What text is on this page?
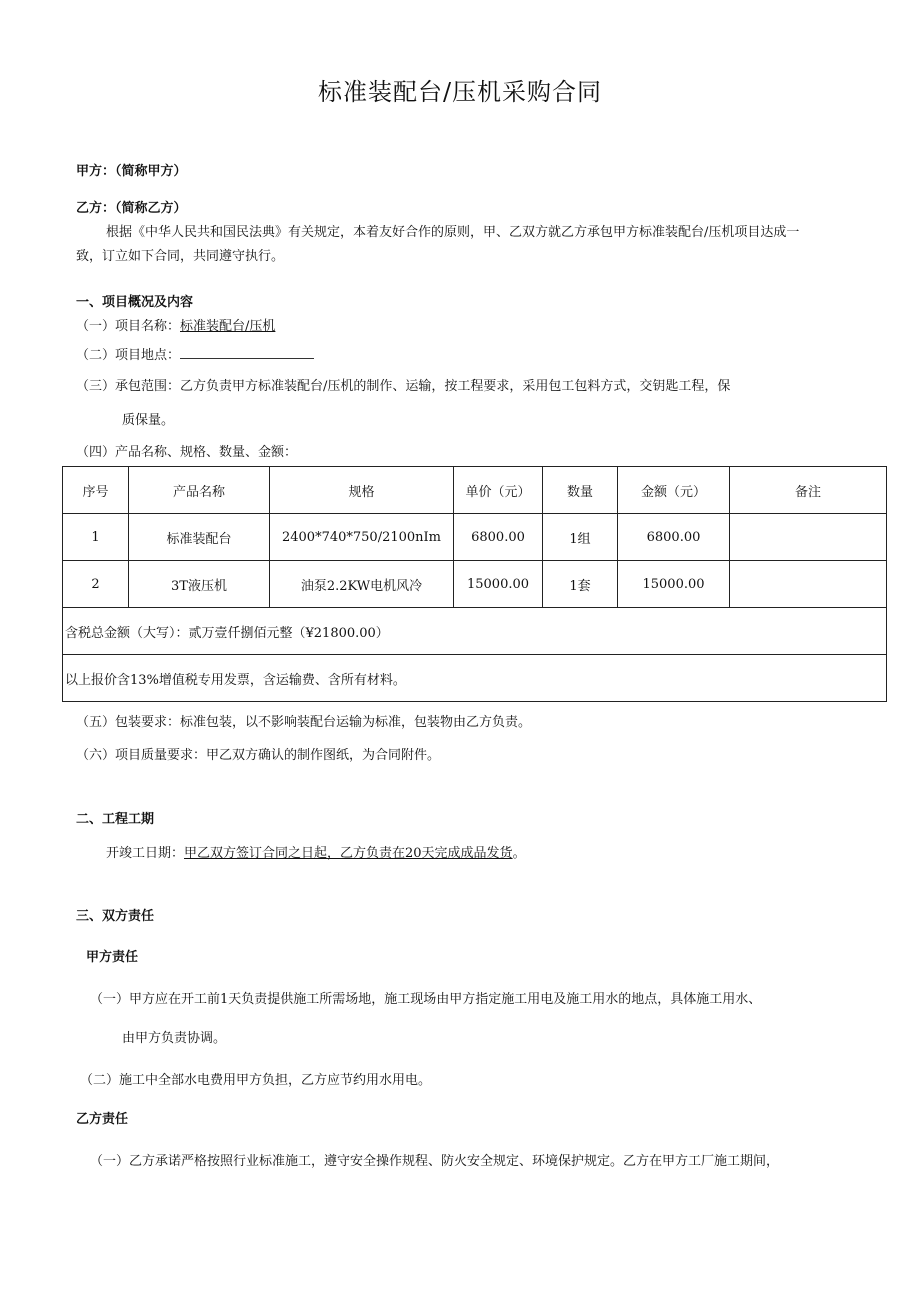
标准装配台/压机采购合同
甲方：（简称甲方）
乙方：（简称乙方）
根据《中华人民共和国民法典》有关规定，本着友好合作的原则，甲、乙双方就乙方承包甲方标准装配台/压机项目达成一
致，订立如下合同，共同遵守执行。
一、项目概况及内容
（一）项目名称：标准装配台/压机
（二）项目地点：
（三）承包范围：乙方负责甲方标准装配台/压机的制作、运输，按工程要求，采用包工包料方式，交钥匙工程，保
质保量。
（四）产品名称、规格、数量、金额：
序号	产品名称	规格	单价（元）	数量	金额（元）	备注
1	标准装配台	2400*740*750/2100nIm	6800.00	1组	6800.00	
2	3T液压机	油泵2.2KW电机风冷	15000.00	1套	15000.00	
含税总金额（大写）：贰万壹仟捌佰元整（¥21800.00）						
以上报价含13%增值税专用发票，含运输费、含所有材料。						
（五）包装要求：标准包装，以不影响装配台运输为标准，包装物由乙方负责。
（六）项目质量要求：甲乙双方确认的制作图纸，为合同附件。
二、工程工期
开竣工日期：甲乙双方签订合同之日起，乙方负责在20天完成成品发货。
三、双方责任
甲方责任
（一）甲方应在开工前1天负责提供施工所需场地，施工现场由甲方指定施工用电及施工用水的地点，具体施工用水、
由甲方负责协调。
（二）施工中全部水电费用甲方负担，乙方应节约用水用电。
乙方责任
（一）乙方承诺严格按照行业标准施工，遵守安全操作规程、防火安全规定、环境保护规定。乙方在甲方工厂施工期间，
